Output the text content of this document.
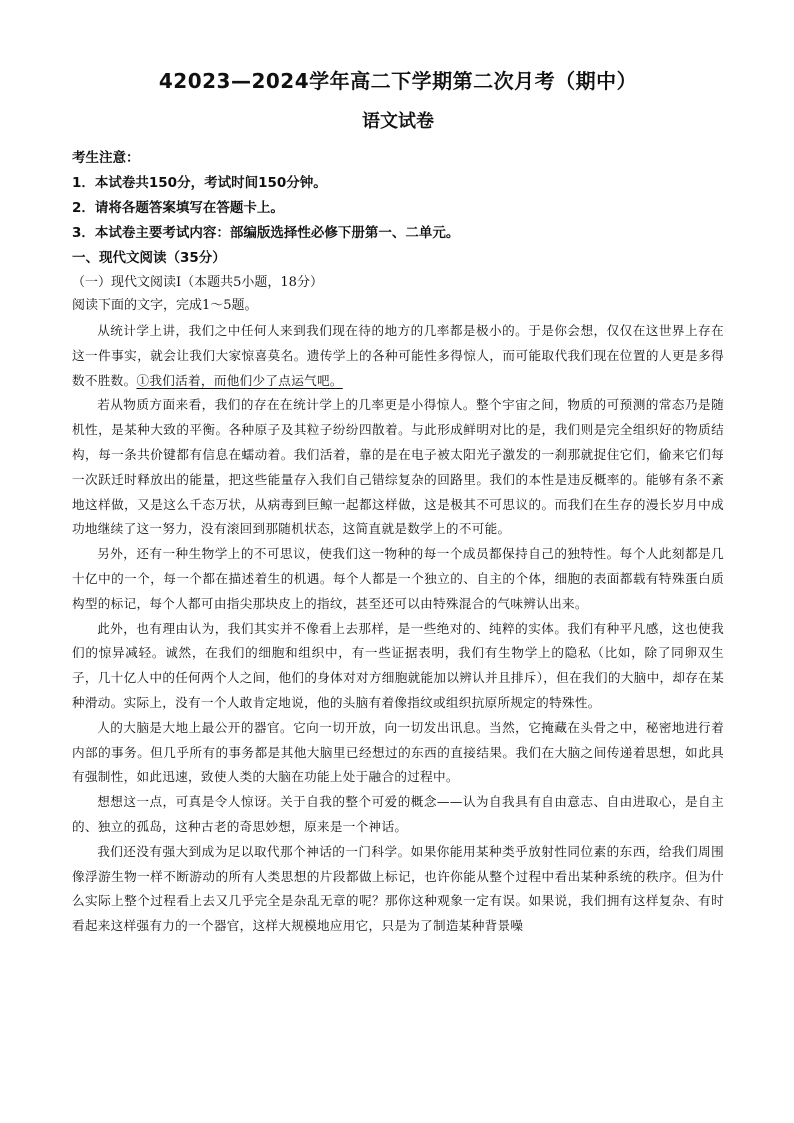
42023—2024学年高二下学期第二次月考（期中）
语文试卷
考生注意：
1．本试卷共150分，考试时间150分钟。
2．请将各题答案填写在答题卡上。
3．本试卷主要考试内容：部编版选择性必修下册第一、二单元。
一、现代文阅读（35分）
（一）现代文阅读Ⅰ（本题共5小题，18分）
阅读下面的文字，完成1～5题。

从统计学上讲，我们之中任何人来到我们现在待的地方的几率都是极小的。于是你会想，仅仅在这世界上存在这一件事实，就会让我们大家惊喜莫名。遗传学上的各种可能性多得惊人，而可能取代我们现在位置的人更是多得数不胜数。①我们活着，而他们少了点运气吧。

若从物质方面来看，我们的存在在统计学上的几率更是小得惊人。整个宇宙之间，物质的可预测的常态乃是随机性，是某种大致的平衡。各种原子及其粒子纷纷四散着。与此形成鲜明对比的是，我们则是完全组织好的物质结构，每一条共价键都有信息在蠕动着。我们活着，靠的是在电子被太阳光子激发的一刹那就捉住它们，偷来它们每一次跃迁时释放出的能量，把这些能量存入我们自己错综复杂的回路里。我们的本性是违反概率的。能够有条不紊地这样做，又是这么千态万状，从病毒到巨鲸一起都这样做，这是极其不可思议的。而我们在生存的漫长岁月中成功地继续了这一努力，没有滚回到那随机状态，这简直就是数学上的不可能。

另外，还有一种生物学上的不可思议，使我们这一物种的每一个成员都保持自己的独特性。每个人此刻都是几十亿中的一个，每一个都在描述着生的机遇。每个人都是一个独立的、自主的个体，细胞的表面都载有特殊蛋白质构型的标记，每个人都可由指尖那块皮上的指纹，甚至还可以由特殊混合的气味辨认出来。

此外，也有理由认为，我们其实并不像看上去那样，是一些绝对的、纯粹的实体。我们有种平凡感，这也使我们的惊异减轻。诚然，在我们的细胞和组织中，有一些证据表明，我们有生物学上的隐私（比如，除了同卵双生子，几十亿人中的任何两个人之间，他们的身体对对方细胞就能加以辨认并且排斥），但在我们的大脑中，却存在某种滑动。实际上，没有一个人敢肯定地说，他的头脑有着像指纹或组织抗原所规定的特殊性。

人的大脑是大地上最公开的器官。它向一切开放，向一切发出讯息。当然，它掩藏在头骨之中，秘密地进行着内部的事务。但几乎所有的事务都是其他大脑里已经想过的东西的直接结果。我们在大脑之间传递着思想，如此具有强制性，如此迅速，致使人类的大脑在功能上处于融合的过程中。

想想这一点，可真是令人惊讶。关于自我的整个可爱的概念——认为自我具有自由意志、自由进取心，是自主的、独立的孤岛，这种古老的奇思妙想，原来是一个神话。

我们还没有强大到成为足以取代那个神话的一门科学。如果你能用某种类乎放射性同位素的东西，给我们周围像浮游生物一样不断游动的所有人类思想的片段都做上标记，也许你能从整个过程中看出某种系统的秩序。但为什么实际上整个过程看上去又几乎完全是杂乱无章的呢？那你这种观象一定有误。如果说，我们拥有这样复杂、有时看起来这样强有力的一个器官，这样大规模地应用它，只是为了制造某种背景噪
